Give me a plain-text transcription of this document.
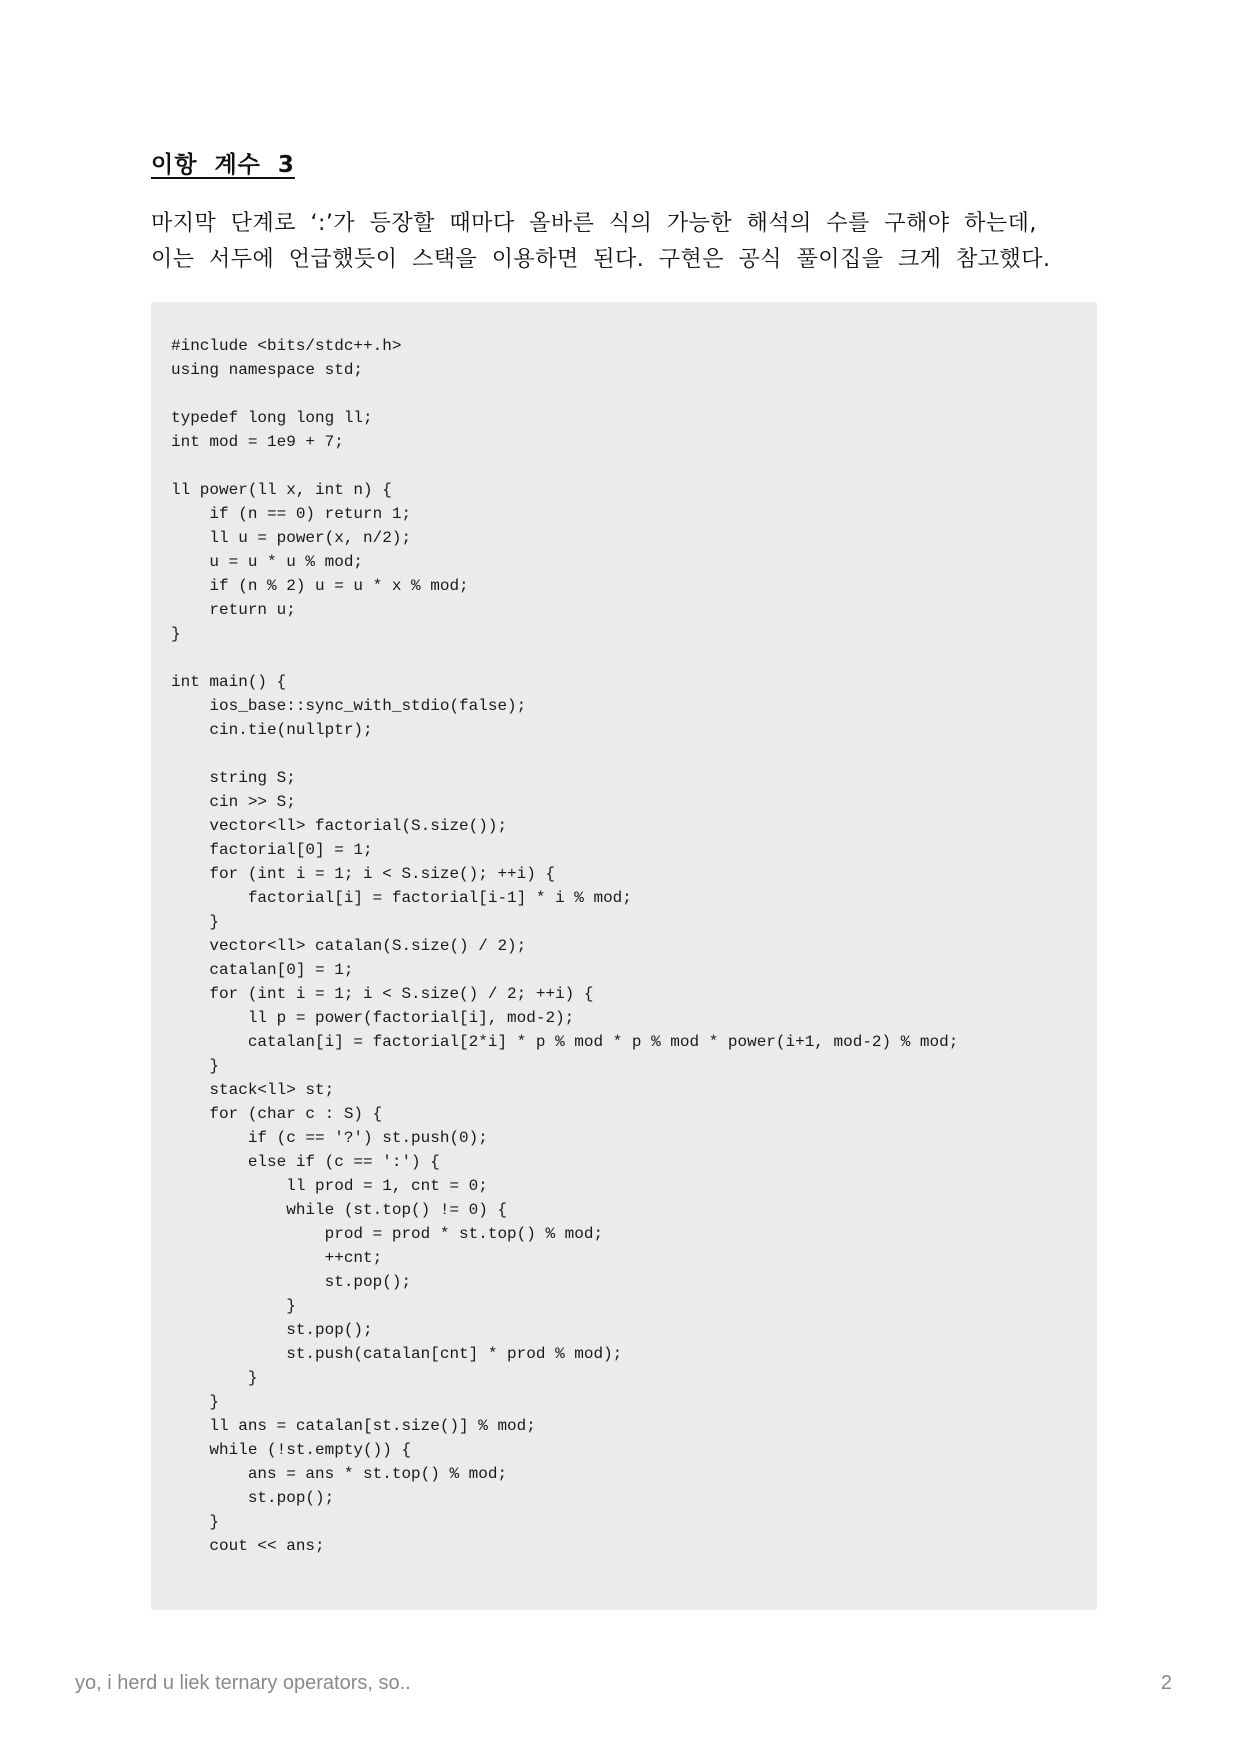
이항 계수 3

마지막 단계로 ‘:’가 등장할 때마다 올바른 식의 가능한 해석의 수를 구해야 하는데,
이는 서두에 언급했듯이 스택을 이용하면 된다. 구현은 공식 풀이집을 크게 참고했다.

#include <bits/stdc++.h>
using namespace std;

typedef long long ll;
int mod = 1e9 + 7;

ll power(ll x, int n) {
if (n == 0) return 1;
ll u = power(x, n/2);
u = u * u % mod;
if (n % 2) u = u * x % mod;
return u;
}

int main() {
ios_base::sync_with_stdio(false);
cin.tie(nullptr);

string S;
cin >> S;
vector<ll> factorial(S.size());
factorial[0] = 1;
for (int i = 1; i < S.size(); ++i) {
factorial[i] = factorial[i-1] * i % mod;
}
vector<ll> catalan(S.size() / 2);
catalan[0] = 1;
for (int i = 1; i < S.size() / 2; ++i) {
ll p = power(factorial[i], mod-2);
catalan[i] = factorial[2*i] * p % mod * p % mod * power(i+1, mod-2) % mod;
}
stack<ll> st;
for (char c : S) {
if (c == '?') st.push(0);
else if (c == ':') {
ll prod = 1, cnt = 0;
while (st.top() != 0) {
prod = prod * st.top() % mod;
++cnt;
st.pop();
}
st.pop();
st.push(catalan[cnt] * prod % mod);
}
}
ll ans = catalan[st.size()] % mod;
while (!st.empty()) {
ans = ans * st.top() % mod;
st.pop();
}
cout << ans;
yo, i herd u liek ternary operators, so..	2
